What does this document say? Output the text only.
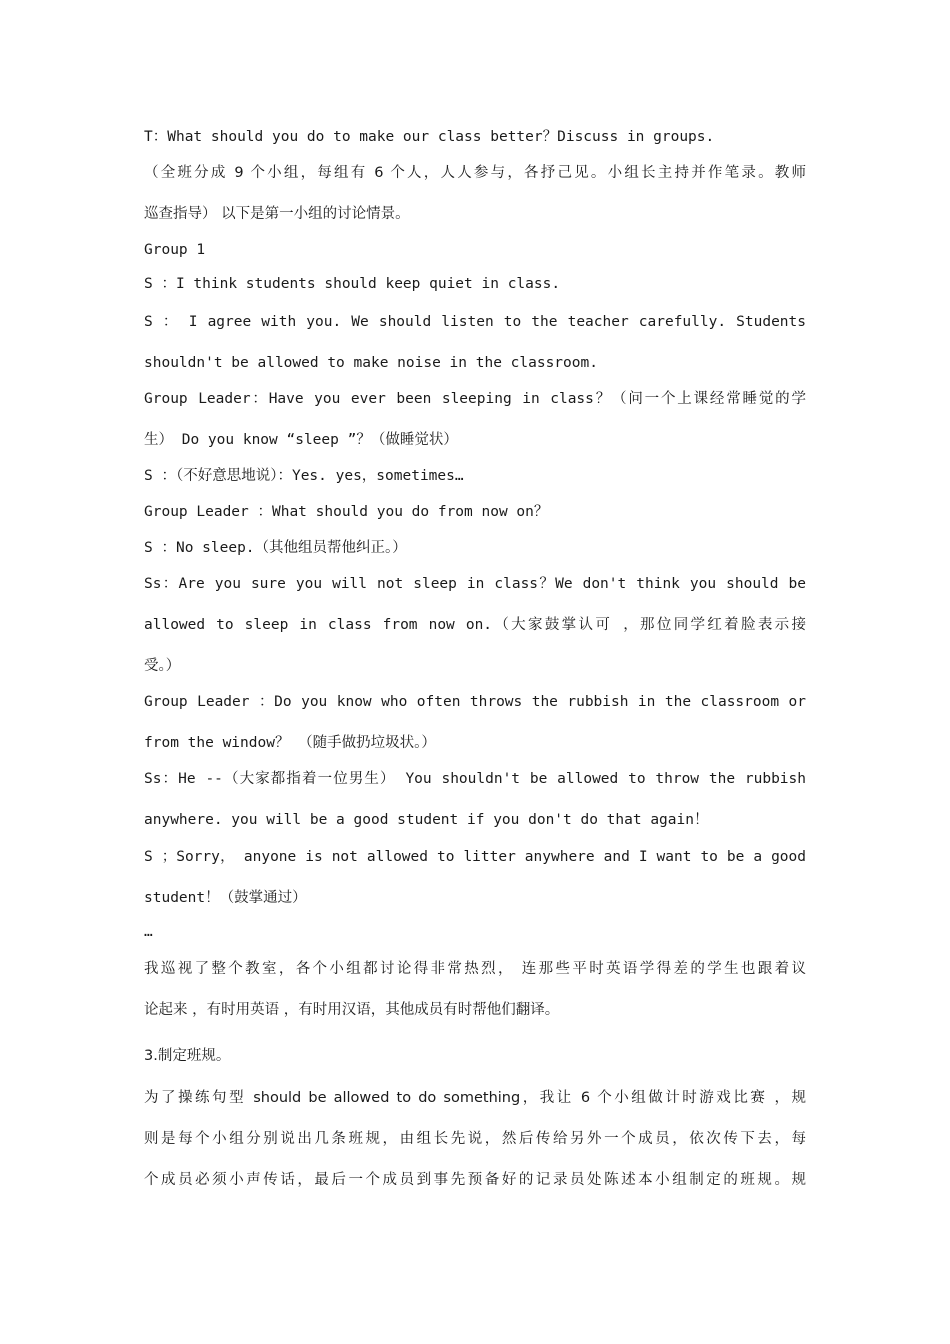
T：What should you do to make our class better？Discuss in groups.
（全班分成 9 个小组，每组有 6 个人，人人参与，各抒己见。小组长主持并作笔录。教师
巡查指导） 以下是第一小组的讨论情景。
Group 1
S ：I think students should keep quiet in class.
S ： I agree with you. We should listen to the teacher carefully. Students
shouldn't be allowed to make noise in the classroom.
Group Leader：Have you ever been sleeping in class？（问一个上课经常睡觉的学
生） Do you know “sleep ”？（做睡觉状）
S ：（不好意思地说）：Yes. yes，sometimes…
Group Leader ：What should you do from now on？
S ：No sleep.（其他组员帮他纠正。）
Ss：Are you sure you will not sleep in class？We don't think you should be
allowed to sleep in class from now on.（大家鼓掌认可 ，那位同学红着脸表示接
受。）
Group Leader ：Do you know who often throws the rubbish in the classroom or
from the window？ （随手做扔垃圾状。）
Ss：He --（大家都指着一位男生） You shouldn't be allowed to throw the rubbish
anywhere. you will be a good student if you don't do that again！
S ；Sorry， anyone is not allowed to litter anywhere and I want to be a good
student！（鼓掌通过）
…
我巡视了整个教室，各个小组都讨论得非常热烈， 连那些平时英语学得差的学生也跟着议
论起来 ，有时用英语 ，有时用汉语，其他成员有时帮他们翻译。
3.制定班规。
为了操练句型 should be allowed to do something，我让 6 个小组做计时游戏比赛 ，规
则是每个小组分别说出几条班规，由组长先说，然后传给另外一个成员，依次传下去，每
个成员必须小声传话，最后一个成员到事先预备好的记录员处陈述本小组制定的班规。规
